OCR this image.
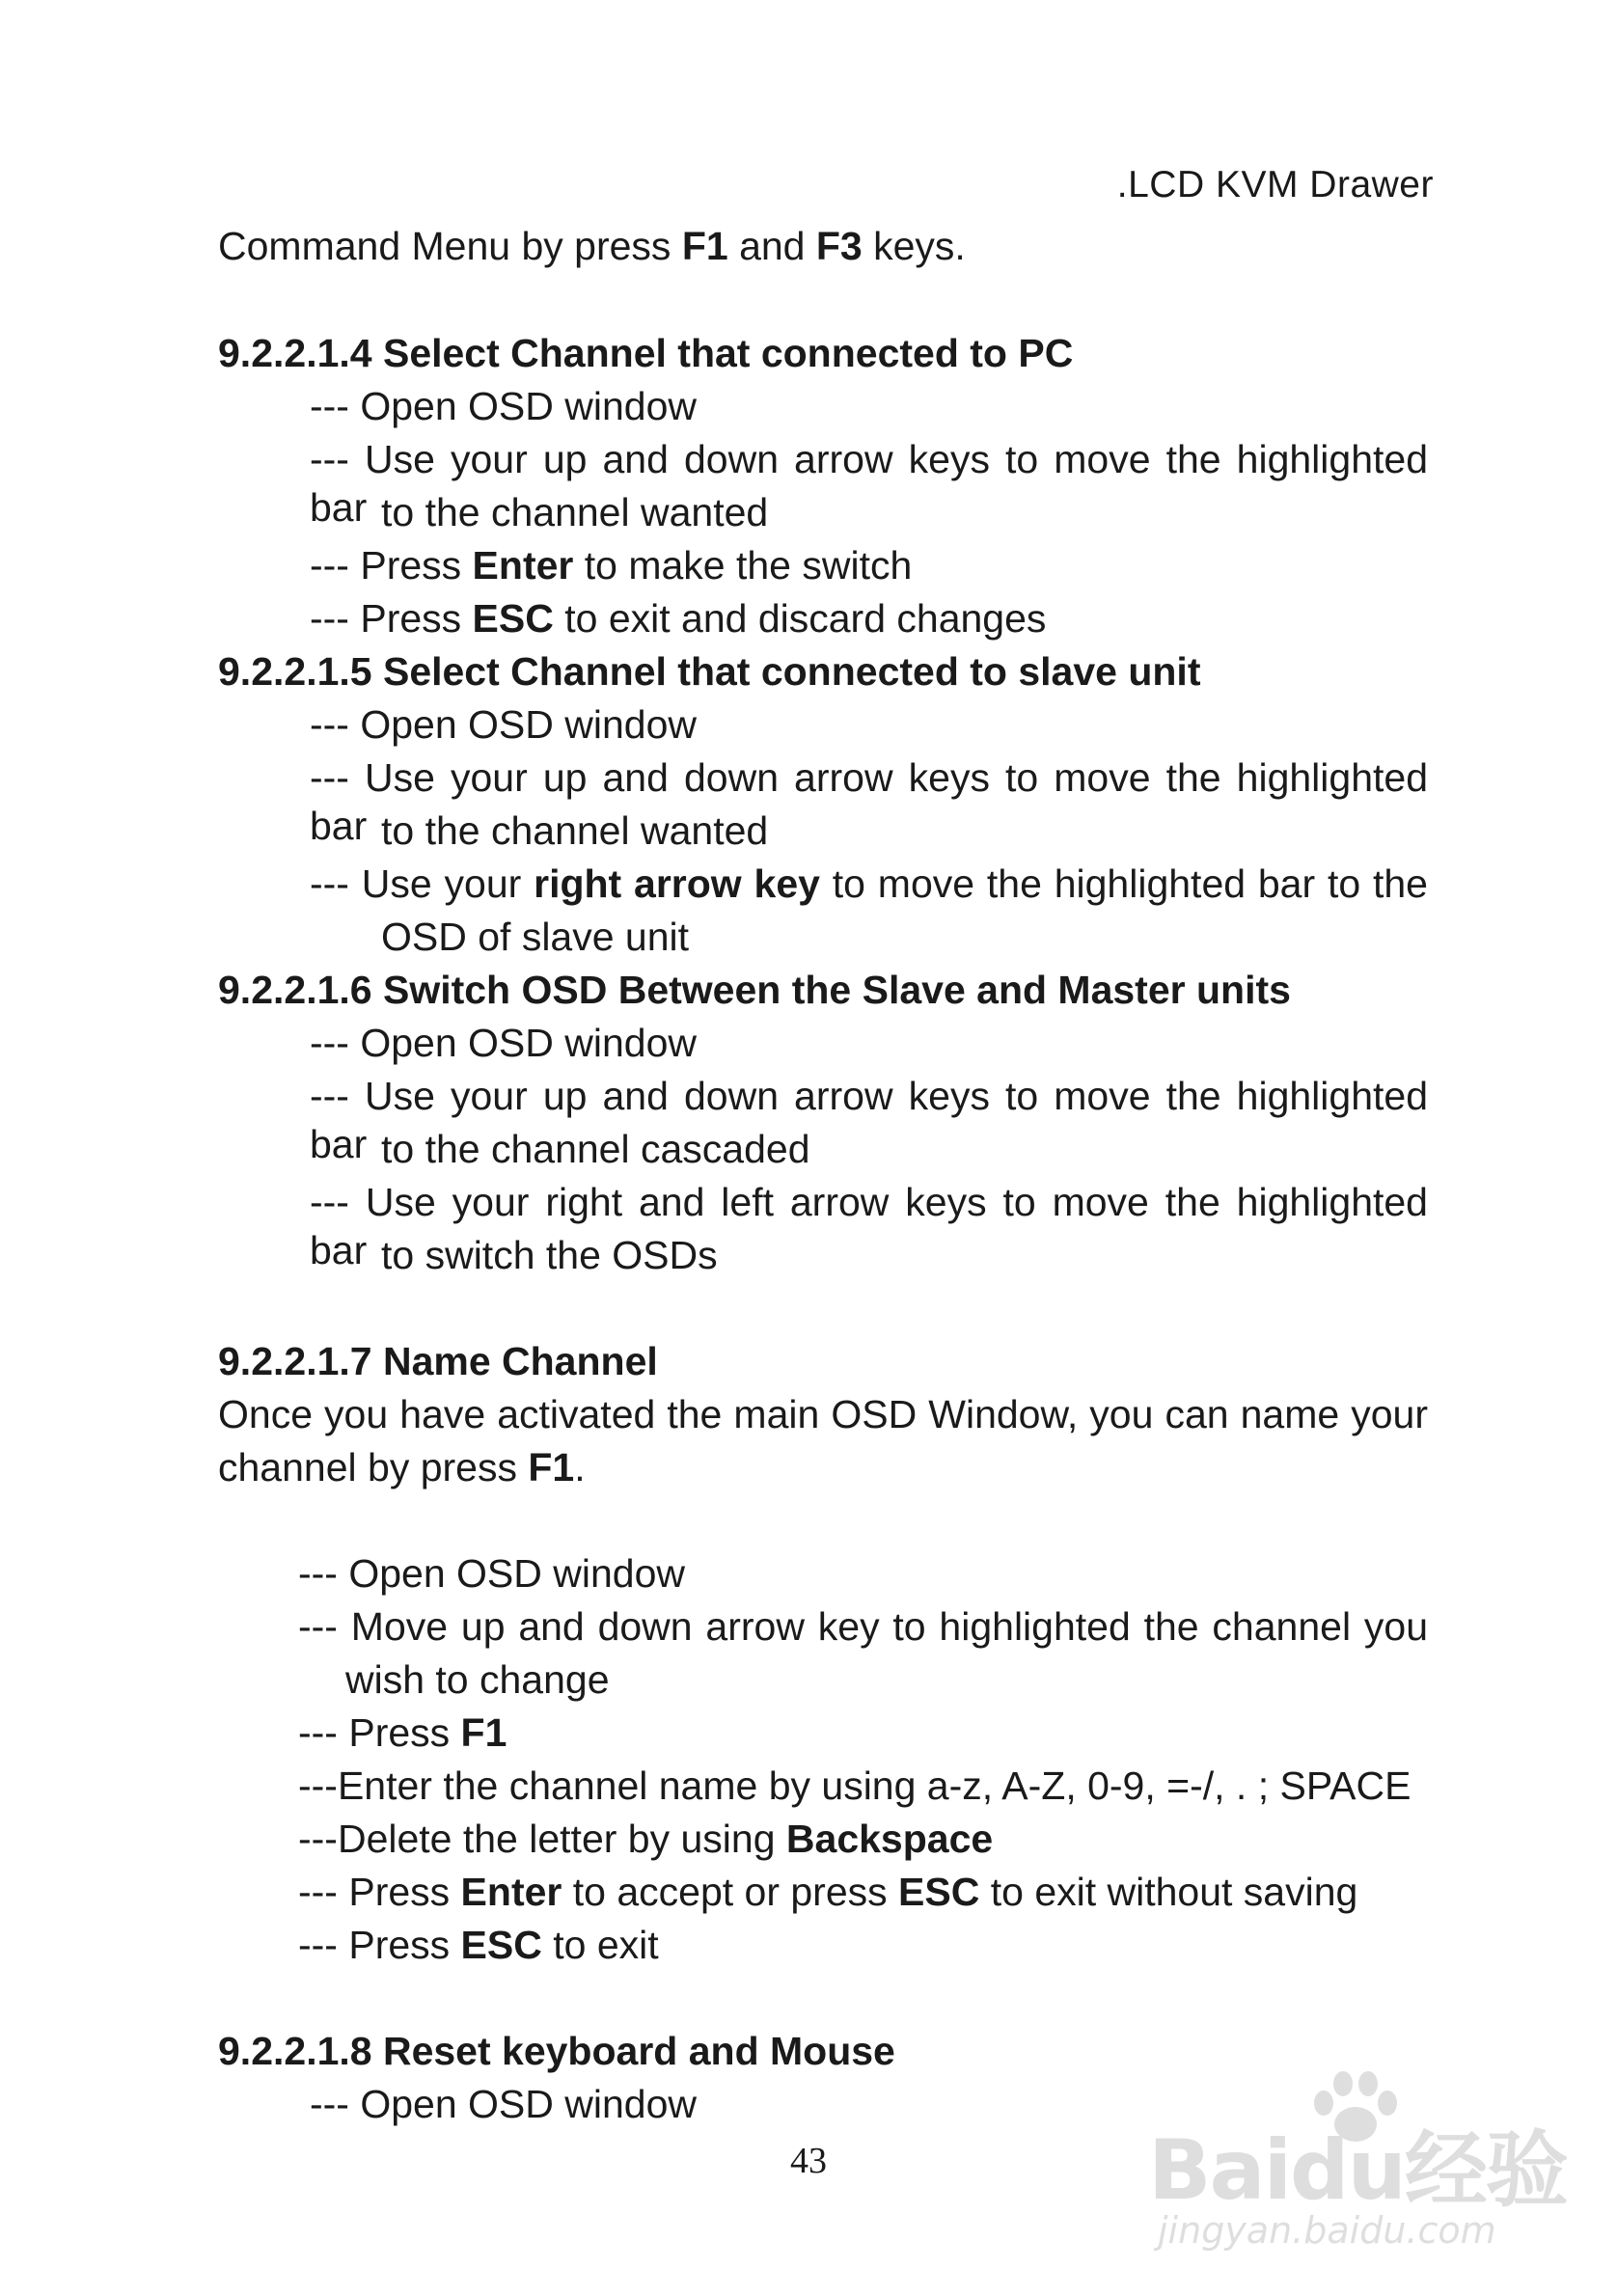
.LCD KVM Drawer
Command Menu by press F1 and F3 keys.
9.2.2.1.4 Select Channel that connected to PC
--- Open OSD window
--- Use your up and down arrow keys to move the highlighted bar to the channel wanted
--- Press Enter to make the switch
--- Press ESC to exit and discard changes
9.2.2.1.5 Select Channel that connected to slave unit
--- Open OSD window
--- Use your up and down arrow keys to move the highlighted bar to the channel wanted
--- Use your right arrow key to move the highlighted bar to the
OSD of slave unit
9.2.2.1.6 Switch OSD Between the Slave and Master units
--- Open OSD window
--- Use your up and down arrow keys to move the highlighted bar to the channel cascaded
--- Use your right and left arrow keys to move the highlighted bar to switch the OSDs
9.2.2.1.7 Name Channel
Once you have activated the main OSD Window, you can name your
channel by press F1.
--- Open OSD window
--- Move up and down arrow key to highlighted the channel you
wish to change
--- Press F1
---Enter the channel name by using a-z, A-Z, 0-9, =-/, . ; SPACE
---Delete the letter by using Backspace
--- Press Enter to accept or press ESC to exit without saving
--- Press ESC to exit
9.2.2.1.8 Reset keyboard and Mouse
--- Open OSD window
43	Baidu经验
jingyan.baidu.com
